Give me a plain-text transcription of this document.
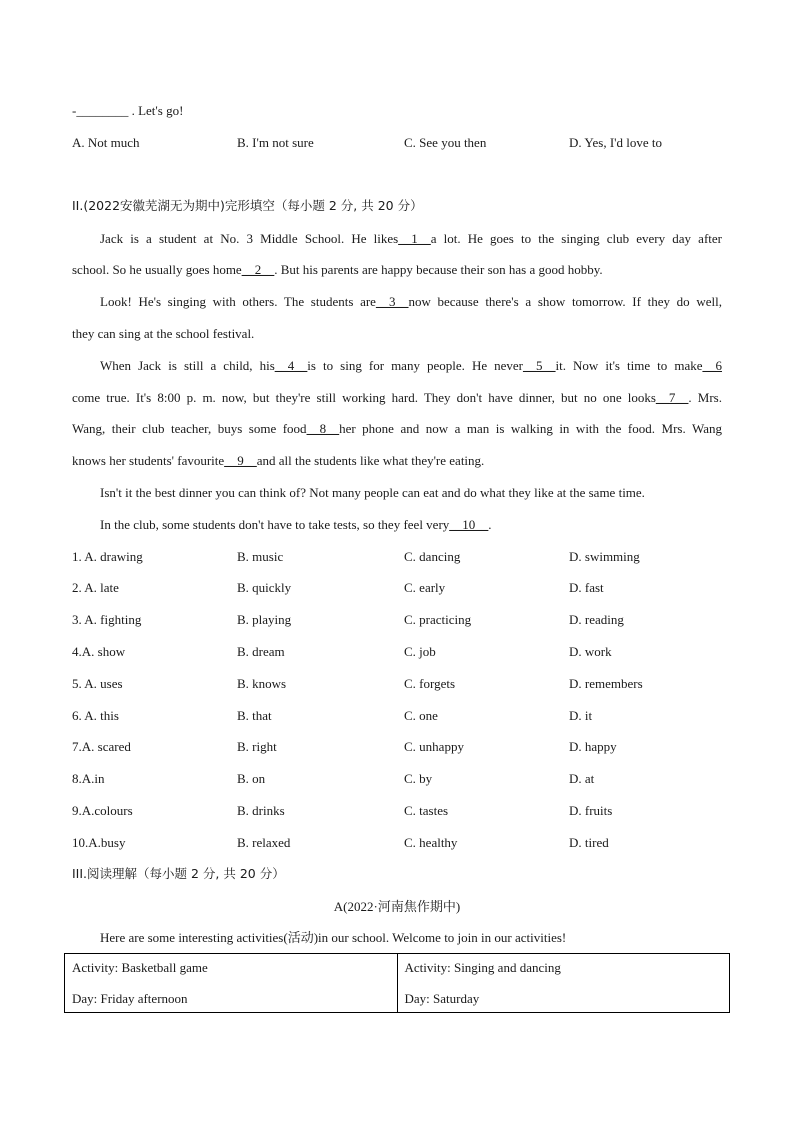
-________ . Let's go!
A. Not much	B. I'm not sure	C. See you then	D. Yes, I'd love to
II.(2022安徽芜湖无为期中)完形填空（每小题 2 分, 共 20 分）
Jack is a student at No. 3 Middle School. He likes__1__a lot. He goes to the singing club every day after
school. So he usually goes home__2__. But his parents are happy because their son has a good hobby.
Look! He's singing with others. The students are__3__now because there's a show tomorrow. If they do well,
they can sing at the school festival.
When Jack is still a child, his__4__is to sing for many people. He never__5__it. Now it's time to make__6
come true. It's 8:00 p. m. now, but they're still working hard. They don't have dinner, but no one looks__7__. Mrs.
Wang, their club teacher, buys some food__8__her phone and now a man is walking in with the food. Mrs. Wang
knows her students' favourite__9__and all the students like what they're eating.
Isn't it the best dinner you can think of? Not many people can eat and do what they like at the same time.
In the club, some students don't have to take tests, so they feel very__10__.
1. A. drawing	B. music	C. dancing	D. swimming
2. A. late	B. quickly	C. early	D. fast
3. A. fighting	B. playing	C. practicing	D. reading
4.A. show	B. dream	C. job	D. work
5. A. uses	B. knows	C. forgets	D. remembers
6. A. this	B. that	C. one	D. it
7.A. scared	B. right	C. unhappy	D. happy
8.A.in	B. on	C. by	D. at
9.A.colours	B. drinks	C. tastes	D. fruits
10.A.busy	B. relaxed	C. healthy	D. tired
III.阅读理解（每小题 2 分, 共 20 分）
A(2022·河南焦作期中)
Here are some interesting activities(活动)in our school. Welcome to join in our activities!
Activity: Basketball game
Day: Friday afternoon

Activity: Singing and dancing
Day: Saturday
